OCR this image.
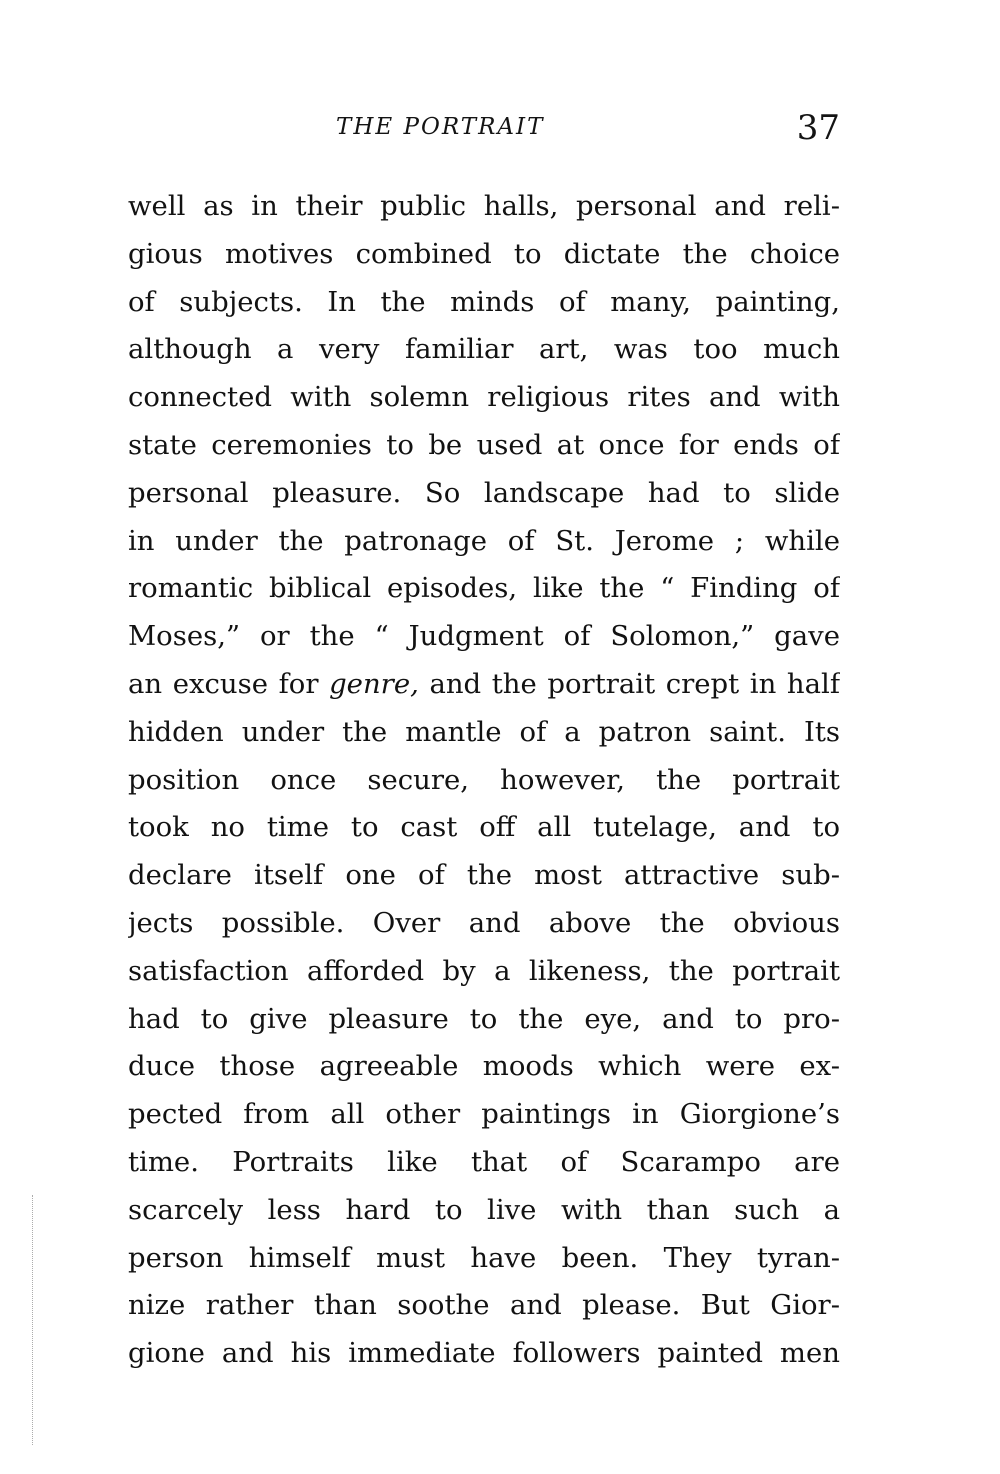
THE PORTRAIT	37
well as in their public halls, personal and reli-
gious motives combined to dictate the choice
of subjects. In the minds of many, painting,
although a very familiar art, was too much
connected with solemn religious rites and with
state ceremonies to be used at once for ends of
personal pleasure. So landscape had to slide
in under the patronage of St. Jerome ; while
romantic biblical episodes, like the “ Finding of
Moses,” or the “ Judgment of Solomon,” gave
an excuse for genre, and the portrait crept in half
hidden under the mantle of a patron saint. Its
position once secure, however, the portrait
took no time to cast off all tutelage, and to
declare itself one of the most attractive sub-
jects possible. Over and above the obvious
satisfaction afforded by a likeness, the portrait
had to give pleasure to the eye, and to pro-
duce those agreeable moods which were ex-
pected from all other paintings in Giorgione’s
time. Portraits like that of Scarampo are
scarcely less hard to live with than such a
person himself must have been. They tyran-
nize rather than soothe and please. But Gior-
gione and his immediate followers painted men
